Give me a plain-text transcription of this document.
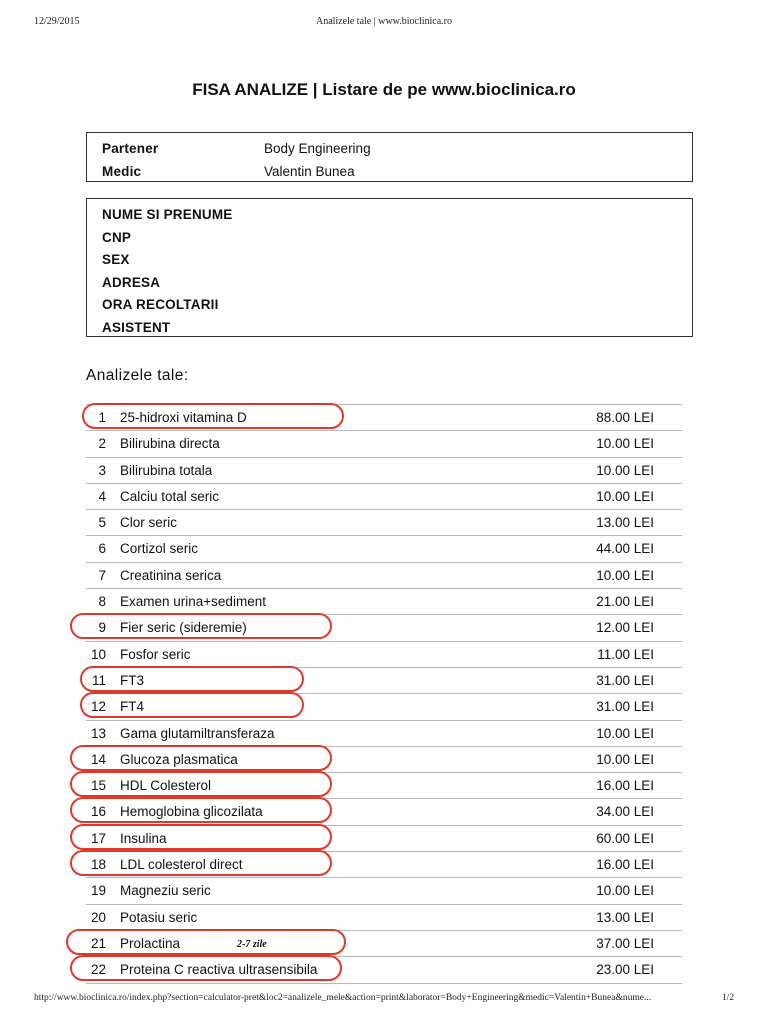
12/29/2015	Analizele tale | www.bioclinica.ro
FISA ANALIZE | Listare de pe www.bioclinica.ro
Partener	Body Engineering
Medic	Valentin Bunea
NUME SI PRENUME
CNP
SEX
ADRESA
ORA RECOLTARII
ASISTENT
Analizele tale:
1 25-hidroxi vitamina D	88.00 LEI
2 Bilirubina directa	10.00 LEI
3 Bilirubina totala	10.00 LEI
4 Calciu total seric	10.00 LEI
5 Clor seric	13.00 LEI
6 Cortizol seric	44.00 LEI
7 Creatinina serica	10.00 LEI
8 Examen urina+sediment	21.00 LEI
9 Fier seric (sideremie)	12.00 LEI
10 Fosfor seric	11.00 LEI
11 FT3	31.00 LEI
12 FT4	31.00 LEI
13 Gama glutamiltransferaza	10.00 LEI
14 Glucoza plasmatica	10.00 LEI
15 HDL Colesterol	16.00 LEI
16 Hemoglobina glicozilata	34.00 LEI
17 Insulina	60.00 LEI
18 LDL colesterol direct	16.00 LEI
19 Magneziu seric	10.00 LEI
20 Potasiu seric	13.00 LEI
21 Prolactina	37.00 LEI
2-7 zile
22 Proteina C reactiva ultrasensibila	23.00 LEI
http://www.bioclinica.ro/index.php?section=calculator-pret&loc2=analizele_mele&action=print&laborator=Body+Engineering&medic=Valentin+Bunea&nume...	1/2
